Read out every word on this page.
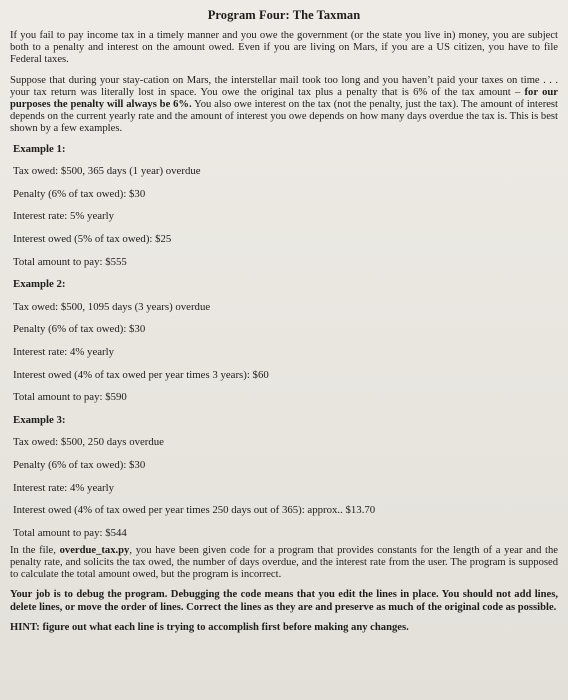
Program Four: The Taxman

If you fail to pay income tax in a timely manner and you owe the government (or the state you live in) money, you are subject both to a penalty and interest on the amount owed. Even if you are living on Mars, if you are a US citizen, you have to file Federal taxes.

Suppose that during your stay-cation on Mars, the interstellar mail took too long and you haven’t paid your taxes on time . . . your tax return was literally lost in space. You owe the original tax plus a penalty that is 6% of the tax amount – for our purposes the penalty will always be 6%. You also owe interest on the tax (not the penalty, just the tax). The amount of interest depends on the current yearly rate and the amount of interest you owe depends on how many days overdue the tax is. This is best shown by a few examples.

Example 1:
Tax owed: $500, 365 days (1 year) overdue
Penalty (6% of tax owed): $30
Interest rate: 5% yearly
Interest owed (5% of tax owed): $25
Total amount to pay: $555
Example 2:
Tax owed: $500, 1095 days (3 years) overdue
Penalty (6% of tax owed): $30
Interest rate: 4% yearly
Interest owed (4% of tax owed per year times 3 years): $60
Total amount to pay: $590
Example 3:
Tax owed: $500, 250 days overdue
Penalty (6% of tax owed): $30
Interest rate: 4% yearly
Interest owed (4% of tax owed per year times 250 days out of 365): approx.. $13.70
Total amount to pay: $544

In the file, overdue_tax.py, you have been given code for a program that provides constants for the length of a year and the penalty rate, and solicits the tax owed, the number of days overdue, and the interest rate from the user. The program is supposed to calculate the total amount owed, but the program is incorrect.

Your job is to debug the program. Debugging the code means that you edit the lines in place. You should not add lines, delete lines, or move the order of lines. Correct the lines as they are and preserve as much of the original code as possible.

HINT: figure out what each line is trying to accomplish first before making any changes.
